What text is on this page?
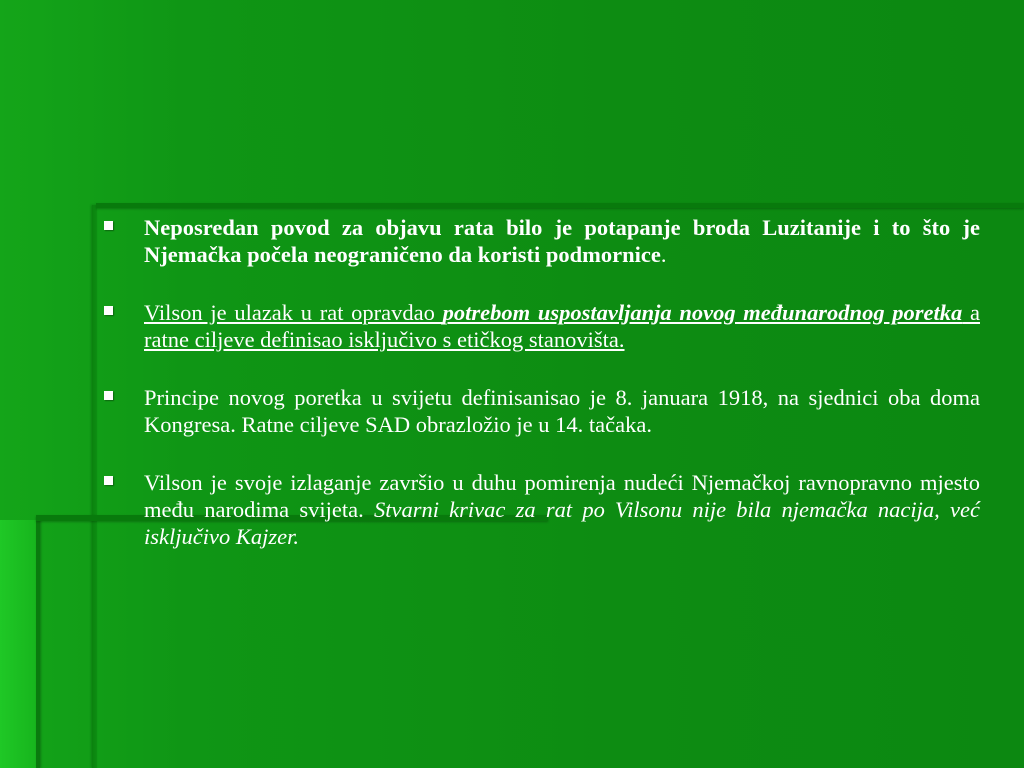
Neposredan povod za objavu rata bilo je potapanje broda Luzitanije i to što je Njemačka počela neograničeno da koristi podmornice.
Vilson je ulazak u rat opravdao potrebom uspostavljanja novog međunarodnog poretka a ratne ciljeve definisao isključivo s etičkog stanovišta.
Principe novog poretka u svijetu definisanisao je 8. januara 1918, na sjednici oba doma Kongresa. Ratne ciljeve SAD obrazložio je u 14. tačaka.
Vilson je svoje izlaganje završio u duhu pomirenja nudeći Njemačkoj ravnopravno mjesto među narodima svijeta. Stvarni krivac za rat po Vilsonu nije bila njemačka nacija, već isključivo Kajzer.
